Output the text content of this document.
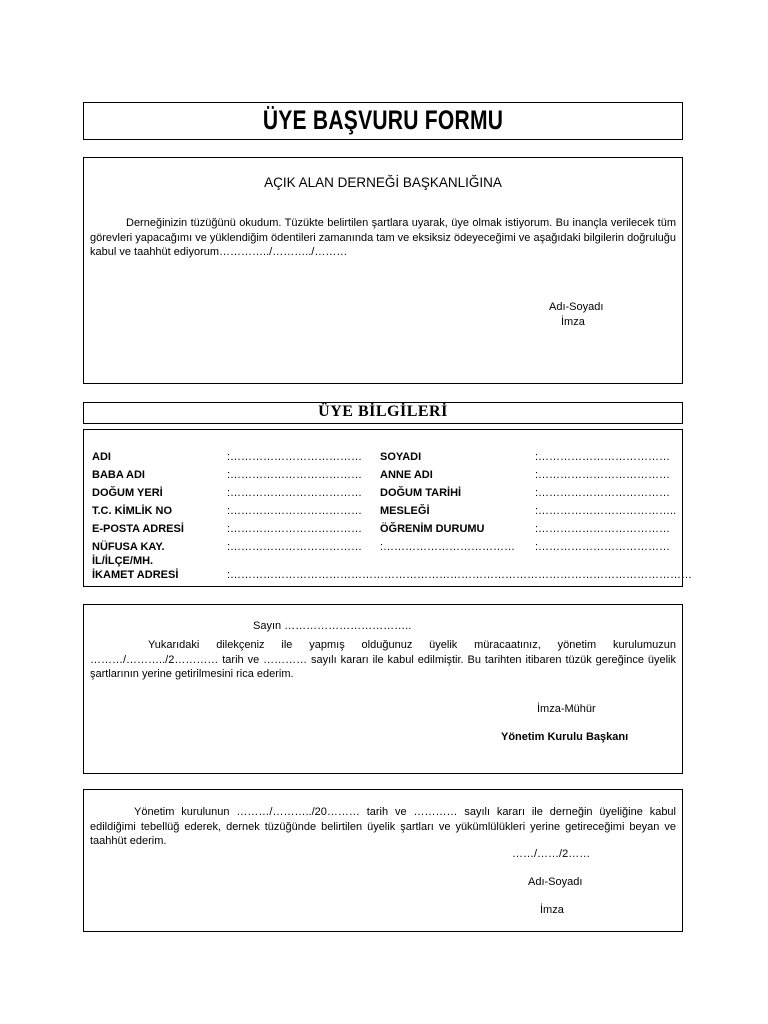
ÜYE BAŞVURU FORMU
AÇIK ALAN DERNEĞİ BAŞKANLIĞINA
Derneğinizin tüzüğünü okudum. Tüzükte belirtilen şartlara uyarak, üye olmak istiyorum. Bu inançla verilecek tüm görevleri yapacağımı ve yüklendiğim ödentileri zamanında tam ve eksiksiz ödeyeceğimi ve aşağıdaki bilgilerin doğruluğu kabul ve taahhüt ediyorum…………../………../………
Adı-Soyadı
İmza
ÜYE BİLGİLERİ
ADI
BABA ADI
DOĞUM YERİ
T.C. KİMLİK NO
E-POSTA ADRESİ
NÜFUSA KAY.
İL/İLÇE/MH.
İKAMET ADRESİ
:………………………………
:………………………………
:………………………………
:………………………………
:………………………………
:………………………………
:………………………………………………………………………………………………………………
SOYADI
ANNE ADI
DOĞUM TARİHİ
MESLEĞİ
ÖĞRENİM DURUMU
:………………………………
:………………………………
:………………………………
:………………………………
:………………………………..
:………………………………
:………………………………
Sayın ……………………………..
Yukarıdaki dilekçeniz ile yapmış olduğunuz üyelik müracaatınız, yönetim kurulumuzun ………/………../2………… tarih ve ………… sayılı kararı ile kabul edilmiştir. Bu tarihten itibaren tüzük gereğince üyelik şartlarının yerine getirilmesini rica ederim.
İmza-Mühür
Yönetim Kurulu Başkanı
Yönetim kurulunun ………/………../20……… tarih ve ………… sayılı kararı ile derneğin üyeliğine kabul edildiğimi tebellüğ ederek, dernek tüzüğünde belirtilen üyelik şartları ve yükümlülükleri yerine getireceğimi beyan ve taahhüt ederim.
……/……/2……
Adı-Soyadı
İmza
